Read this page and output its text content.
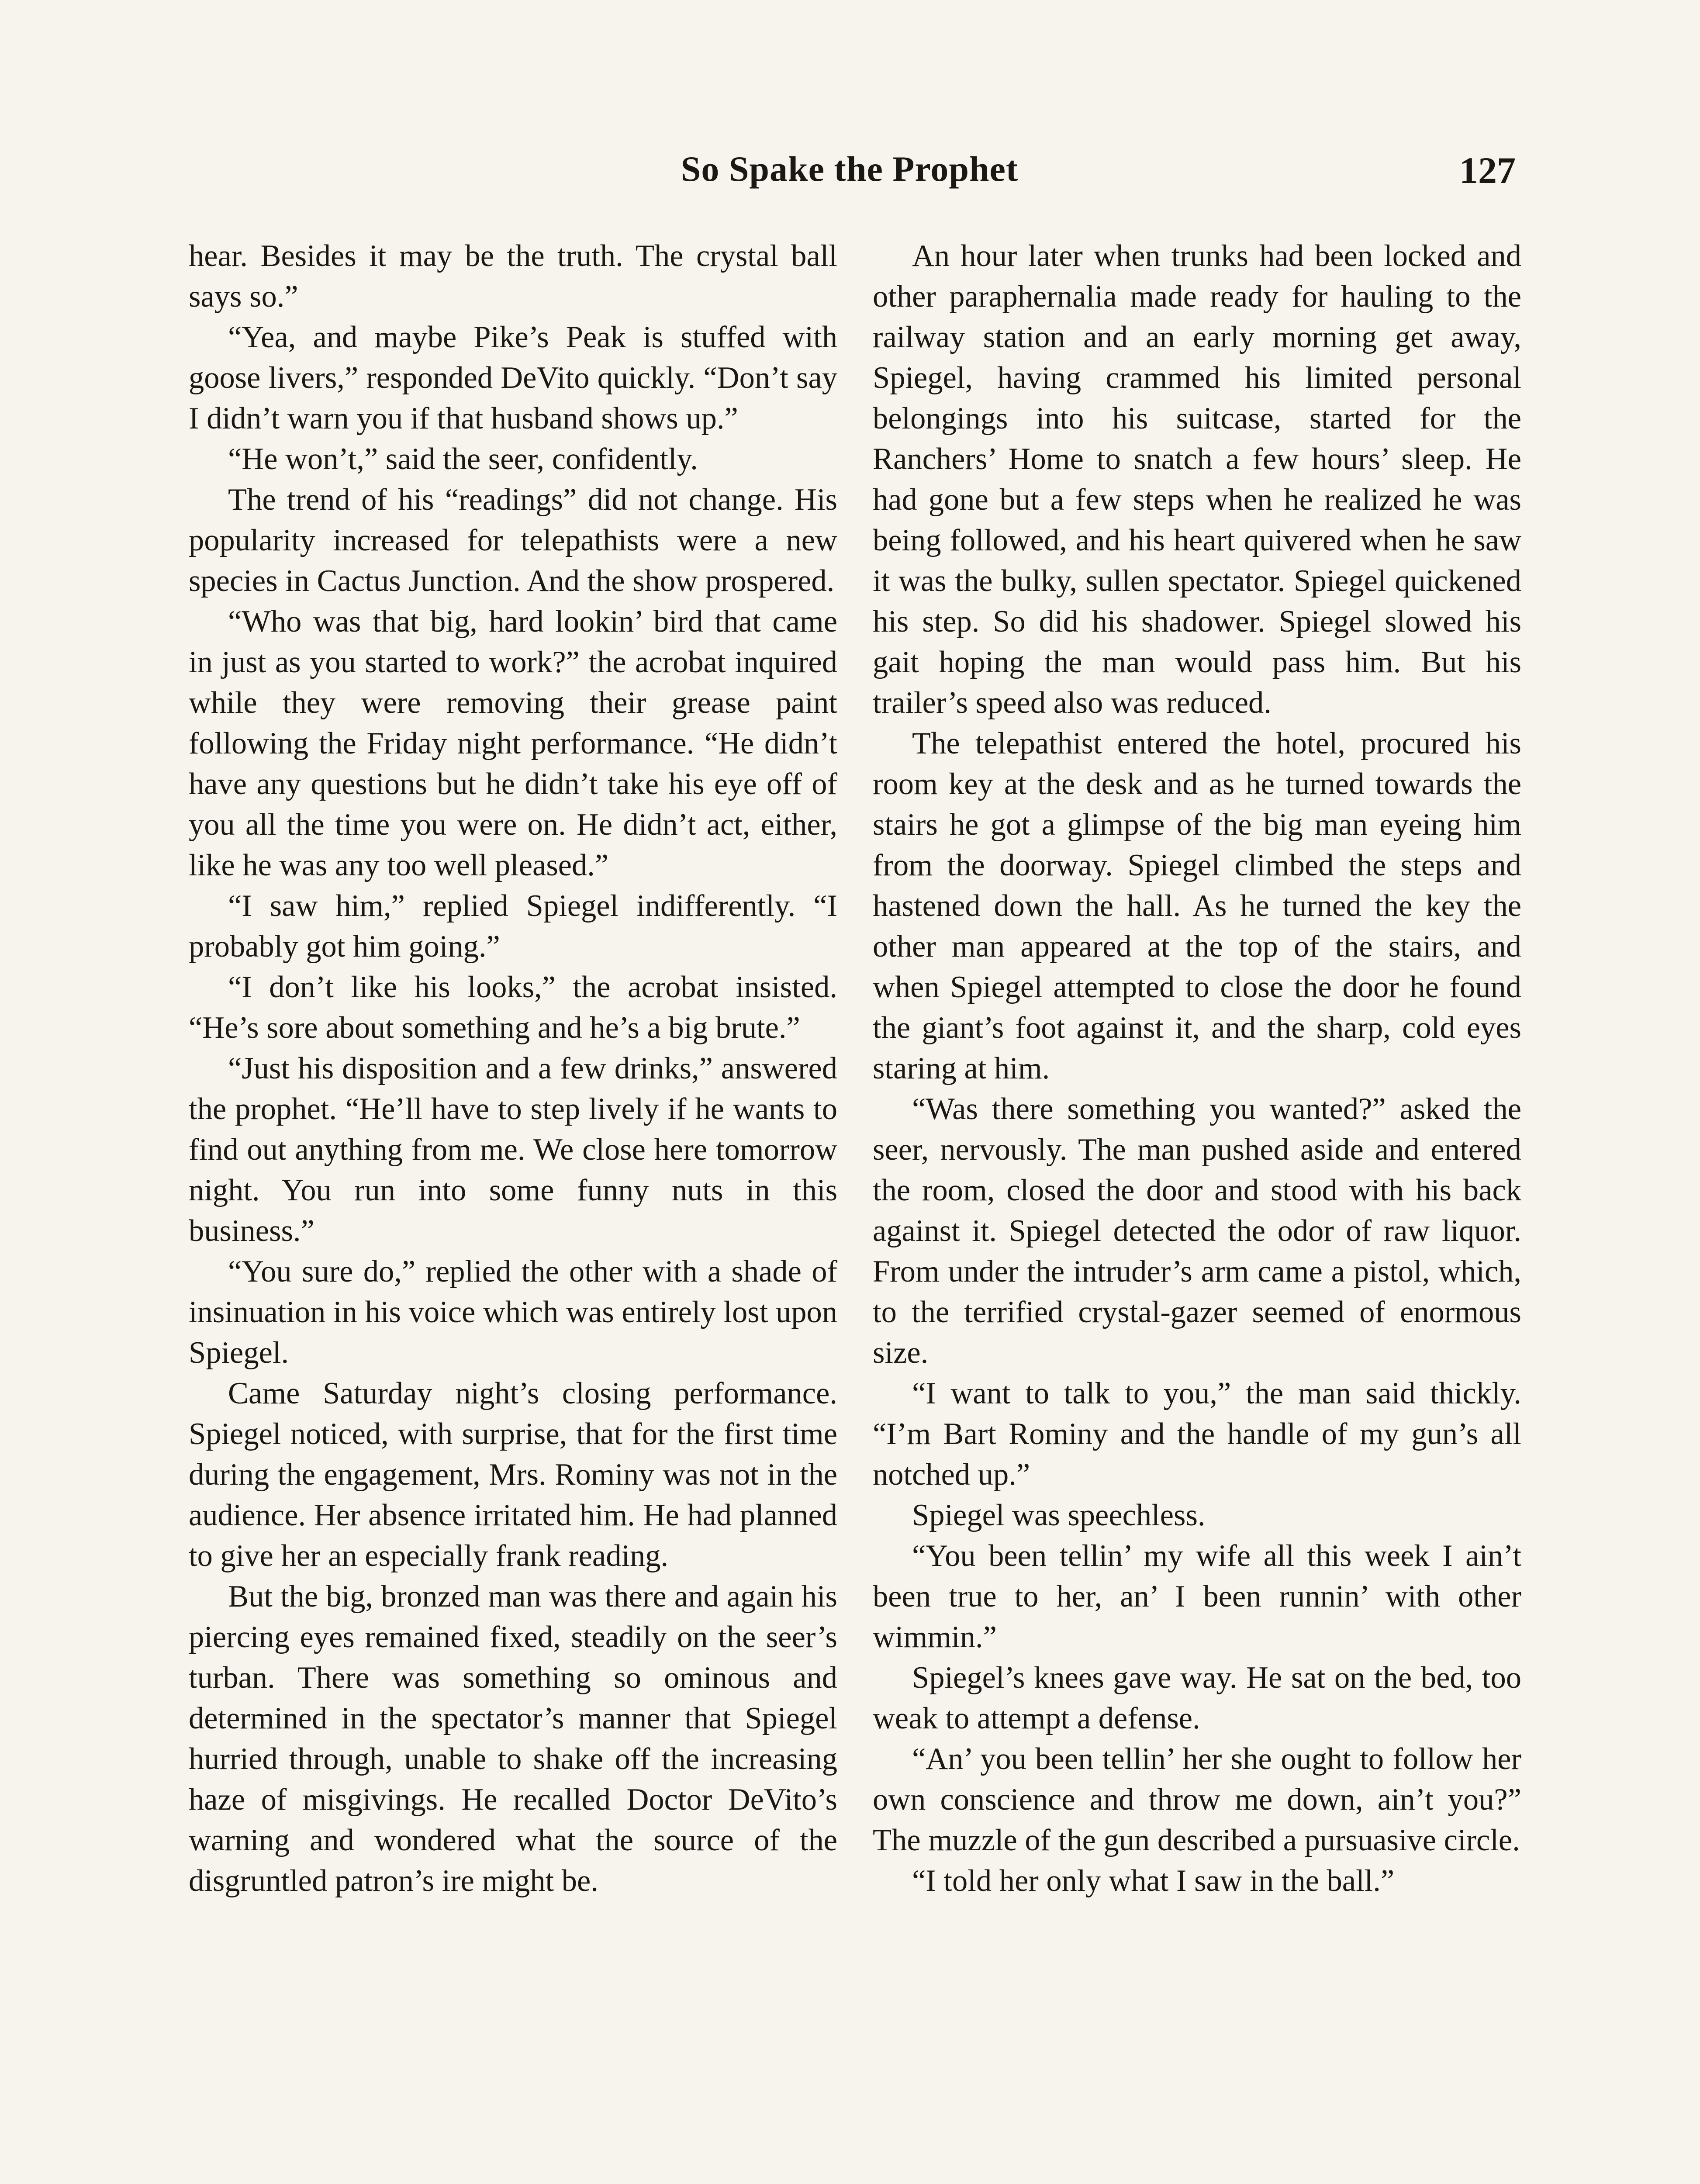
So Spake the Prophet	127

hear. Besides it may be the truth. The crystal ball says so.”

“Yea, and maybe Pike’s Peak is stuffed with goose livers,” responded DeVito quickly. “Don’t say I didn’t warn you if that husband shows up.”

“He won’t,” said the seer, confidently.

The trend of his “readings” did not change. His popularity increased for telepathists were a new species in Cactus Junction. And the show prospered.

“Who was that big, hard lookin’ bird that came in just as you started to work?” the acrobat inquired while they were removing their grease paint following the Friday night performance. “He didn’t have any questions but he didn’t take his eye off of you all the time you were on. He didn’t act, either, like he was any too well pleased.”

“I saw him,” replied Spiegel indifferently. “I probably got him going.”

“I don’t like his looks,” the acrobat insisted. “He’s sore about something and he’s a big brute.”

“Just his disposition and a few drinks,” answered the prophet. “He’ll have to step lively if he wants to find out anything from me. We close here tomorrow night. You run into some funny nuts in this business.”

“You sure do,” replied the other with a shade of insinuation in his voice which was entirely lost upon Spiegel.

Came Saturday night’s closing performance. Spiegel noticed, with surprise, that for the first time during the engagement, Mrs. Rominy was not in the audience. Her absence irritated him. He had planned to give her an especially frank reading.

But the big, bronzed man was there and again his piercing eyes remained fixed, steadily on the seer’s turban. There was something so ominous and determined in the spectator’s manner that Spiegel hurried through, unable to shake off the increasing haze of misgivings. He recalled Doctor DeVito’s warning and wondered what the source of the disgruntled patron’s ire might be.

An hour later when trunks had been locked and other paraphernalia made ready for hauling to the railway station and an early morning get away, Spiegel, having crammed his limited personal belongings into his suitcase, started for the Ranchers’ Home to snatch a few hours’ sleep. He had gone but a few steps when he realized he was being followed, and his heart quivered when he saw it was the bulky, sullen spectator. Spiegel quickened his step. So did his shadower. Spiegel slowed his gait hoping the man would pass him. But his trailer’s speed also was reduced.

The telepathist entered the hotel, procured his room key at the desk and as he turned towards the stairs he got a glimpse of the big man eyeing him from the doorway. Spiegel climbed the steps and hastened down the hall. As he turned the key the other man appeared at the top of the stairs, and when Spiegel attempted to close the door he found the giant’s foot against it, and the sharp, cold eyes staring at him.

“Was there something you wanted?” asked the seer, nervously. The man pushed aside and entered the room, closed the door and stood with his back against it. Spiegel detected the odor of raw liquor. From under the intruder’s arm came a pistol, which, to the terrified crystal-gazer seemed of enormous size.

“I want to talk to you,” the man said thickly. “I’m Bart Rominy and the handle of my gun’s all notched up.”

Spiegel was speechless.

“You been tellin’ my wife all this week I ain’t been true to her, an’ I been runnin’ with other wimmin.”

Spiegel’s knees gave way. He sat on the bed, too weak to attempt a defense.

“An’ you been tellin’ her she ought to follow her own conscience and throw me down, ain’t you?” The muzzle of the gun described a pursuasive circle.

“I told her only what I saw in the ball.”
